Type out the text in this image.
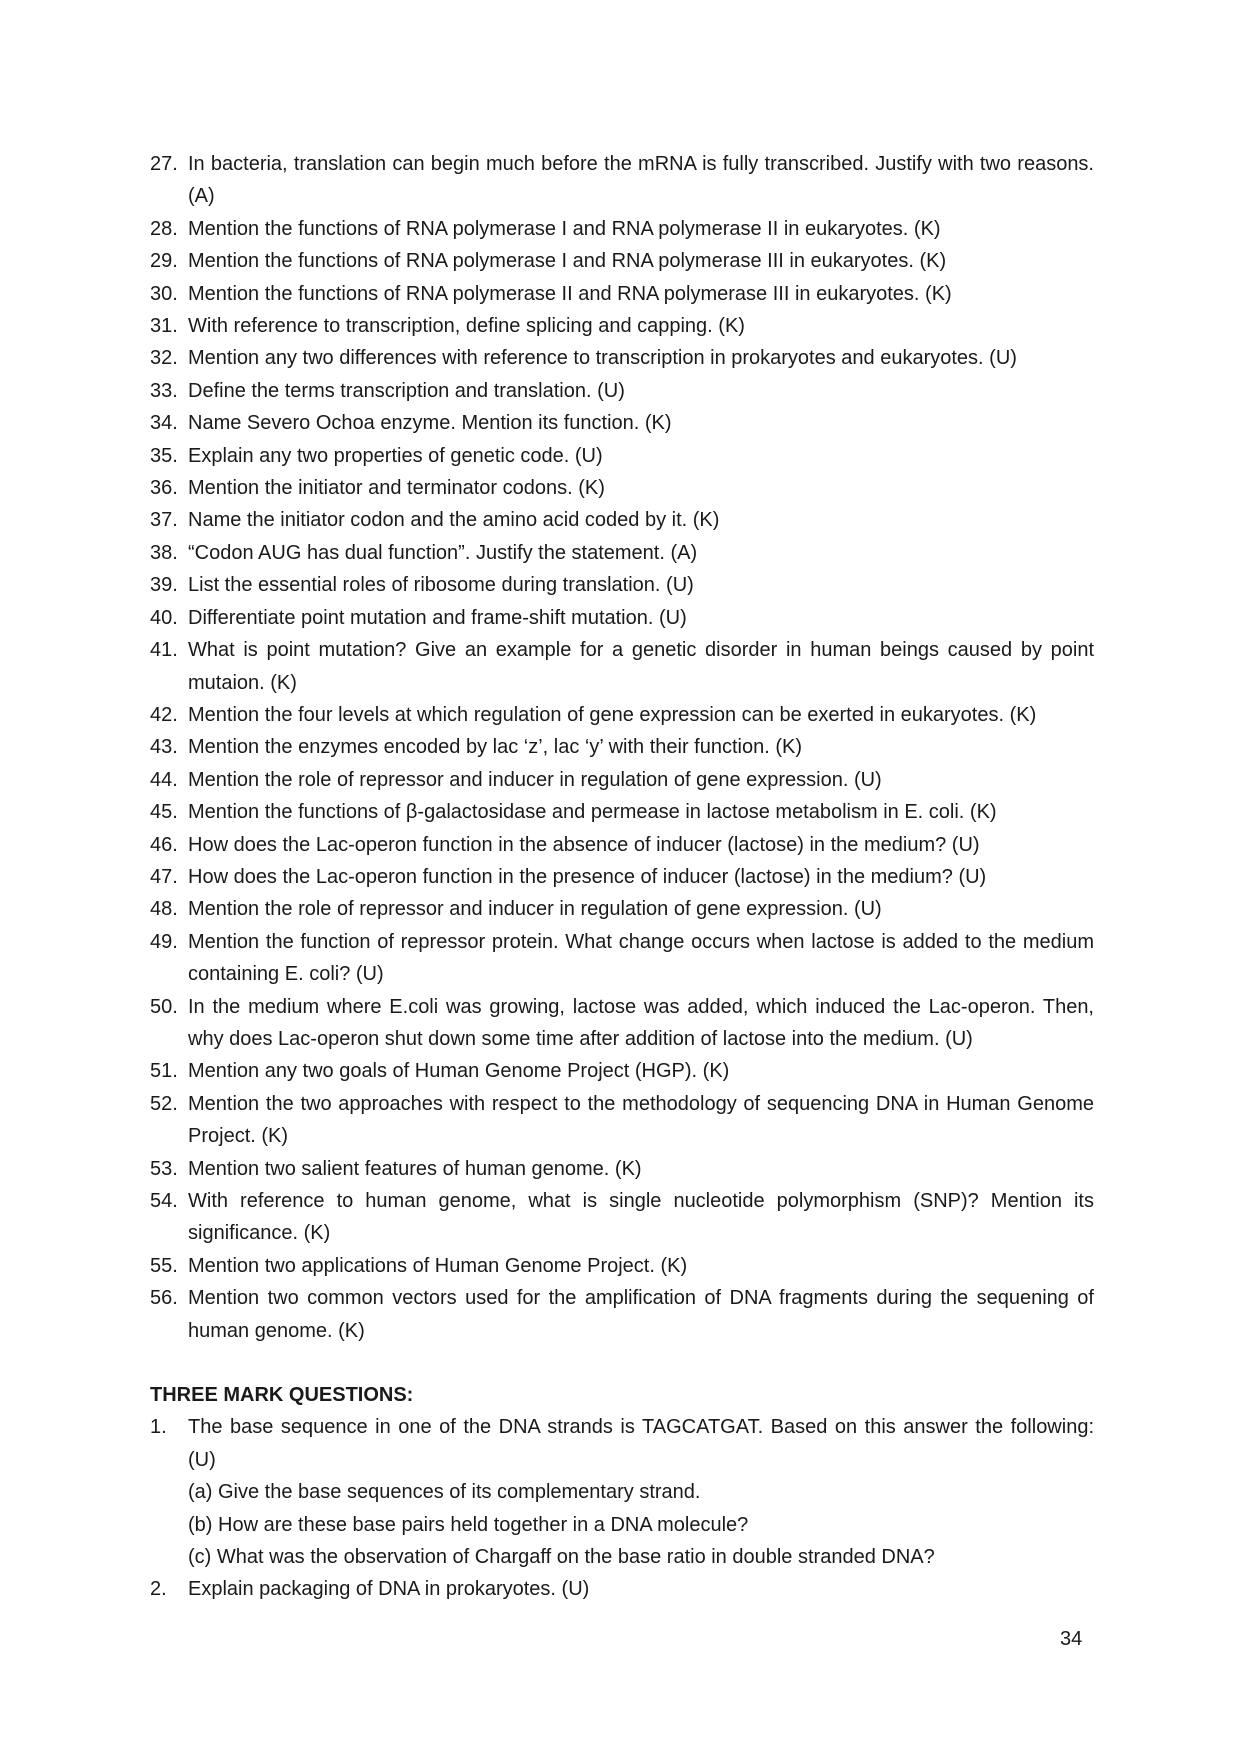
27. In bacteria, translation can begin much before the mRNA is fully transcribed. Justify with two reasons. (A)
28. Mention the functions of RNA polymerase I and RNA polymerase II in eukaryotes. (K)
29. Mention the functions of RNA polymerase I and RNA polymerase III in eukaryotes. (K)
30. Mention the functions of RNA polymerase II and RNA polymerase III in eukaryotes. (K)
31. With reference to transcription, define splicing and capping. (K)
32. Mention any two differences with reference to transcription in prokaryotes and eukaryotes. (U)
33. Define the terms transcription and translation. (U)
34. Name Severo Ochoa enzyme. Mention its function. (K)
35. Explain any two properties of genetic code. (U)
36. Mention the initiator and terminator codons. (K)
37. Name the initiator codon and the amino acid coded by it. (K)
38. “Codon AUG has dual function”. Justify the statement. (A)
39. List the essential roles of ribosome during translation. (U)
40. Differentiate point mutation and frame-shift mutation. (U)
41. What is point mutation? Give an example for a genetic disorder in human beings caused by point mutaion. (K)
42. Mention the four levels at which regulation of gene expression can be exerted in eukaryotes. (K)
43. Mention the enzymes encoded by lac ‘z’, lac ‘y’ with their function. (K)
44. Mention the role of repressor and inducer in regulation of gene expression. (U)
45. Mention the functions of β-galactosidase and permease in lactose metabolism in E. coli. (K)
46. How does the Lac-operon function in the absence of inducer (lactose) in the medium? (U)
47. How does the Lac-operon function in the presence of inducer (lactose) in the medium? (U)
48. Mention the role of repressor and inducer in regulation of gene expression. (U)
49. Mention the function of repressor protein. What change occurs when lactose is added to the medium containing E. coli? (U)
50. In the medium where E.coli was growing, lactose was added, which induced the Lac-operon. Then, why does Lac-operon shut down some time after addition of lactose into the medium. (U)
51. Mention any two goals of Human Genome Project (HGP). (K)
52. Mention the two approaches with respect to the methodology of sequencing DNA in Human Genome Project. (K)
53. Mention two salient features of human genome. (K)
54. With reference to human genome, what is single nucleotide polymorphism (SNP)? Mention its significance. (K)
55. Mention two applications of Human Genome Project. (K)
56. Mention two common vectors used for the amplification of DNA fragments during the sequening of human genome. (K)
THREE MARK QUESTIONS:
1.	The base sequence in one of the DNA strands is TAGCATGAT. Based on this answer the following: (U)
(a) Give the base sequences of its complementary strand.
(b) How are these base pairs held together in a DNA molecule?
(c) What was the observation of Chargaff on the base ratio in double stranded DNA?
2.	Explain packaging of DNA in prokaryotes. (U)
34
